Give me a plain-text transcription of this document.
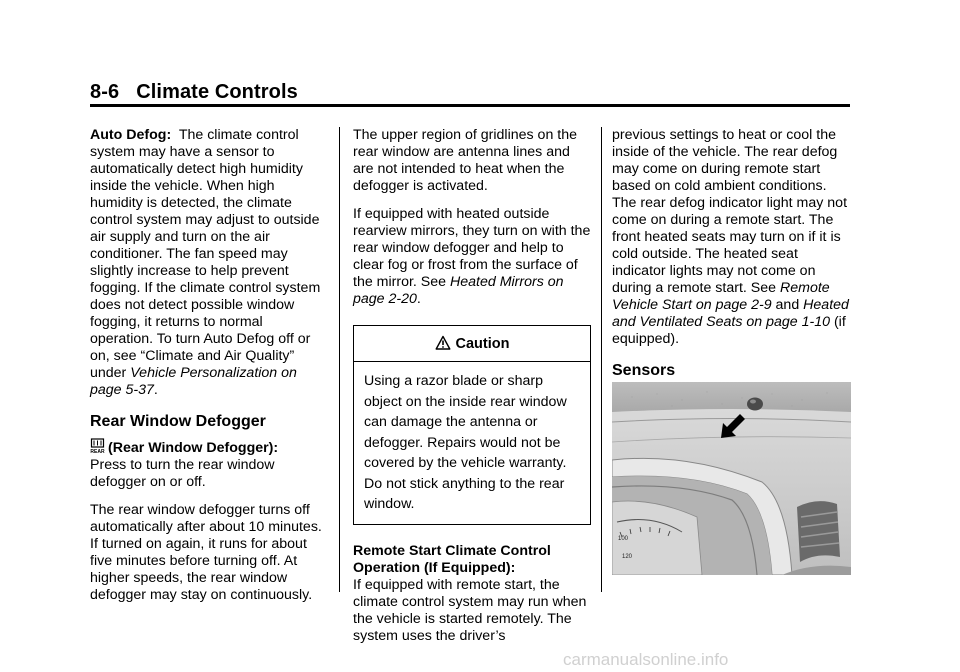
8-6 Climate Controls

Auto Defog: The climate control system may have a sensor to automatically detect high humidity inside the vehicle. When high humidity is detected, the climate control system may adjust to outside air supply and turn on the air conditioner. The fan speed may slightly increase to help prevent fogging. If the climate control system does not detect possible window fogging, it returns to normal operation. To turn Auto Defog off or on, see “Climate and Air Quality” under Vehicle Personalization on page 5-37.

Rear Window Defogger

REAR (Rear Window Defogger):
Press to turn the rear window defogger on or off.

The rear window defogger turns off automatically after about 10 minutes. If turned on again, it runs for about five minutes before turning off. At higher speeds, the rear window defogger may stay on continuously.

The upper region of gridlines on the rear window are antenna lines and are not intended to heat when the defogger is activated.

If equipped with heated outside rearview mirrors, they turn on with the rear window defogger and help to clear fog or frost from the surface of the mirror. See Heated Mirrors on page 2-20.

Caution
Using a razor blade or sharp object on the inside rear window can damage the antenna or defogger. Repairs would not be covered by the vehicle warranty. Do not stick anything to the rear window.

Remote Start Climate Control Operation (If Equipped):
If equipped with remote start, the climate control system may run when the vehicle is started remotely. The system uses the driver’s

previous settings to heat or cool the inside of the vehicle. The rear defog may come on during remote start based on cold ambient conditions. The rear defog indicator light may not come on during a remote start. The front heated seats may turn on if it is cold outside. The heated seat indicator lights may not come on during a remote start. See Remote Vehicle Start on page 2-9 and Heated and Ventilated Seats on page 1-10 (if equipped).

Sensors
100
120
carmanualsonline.info
